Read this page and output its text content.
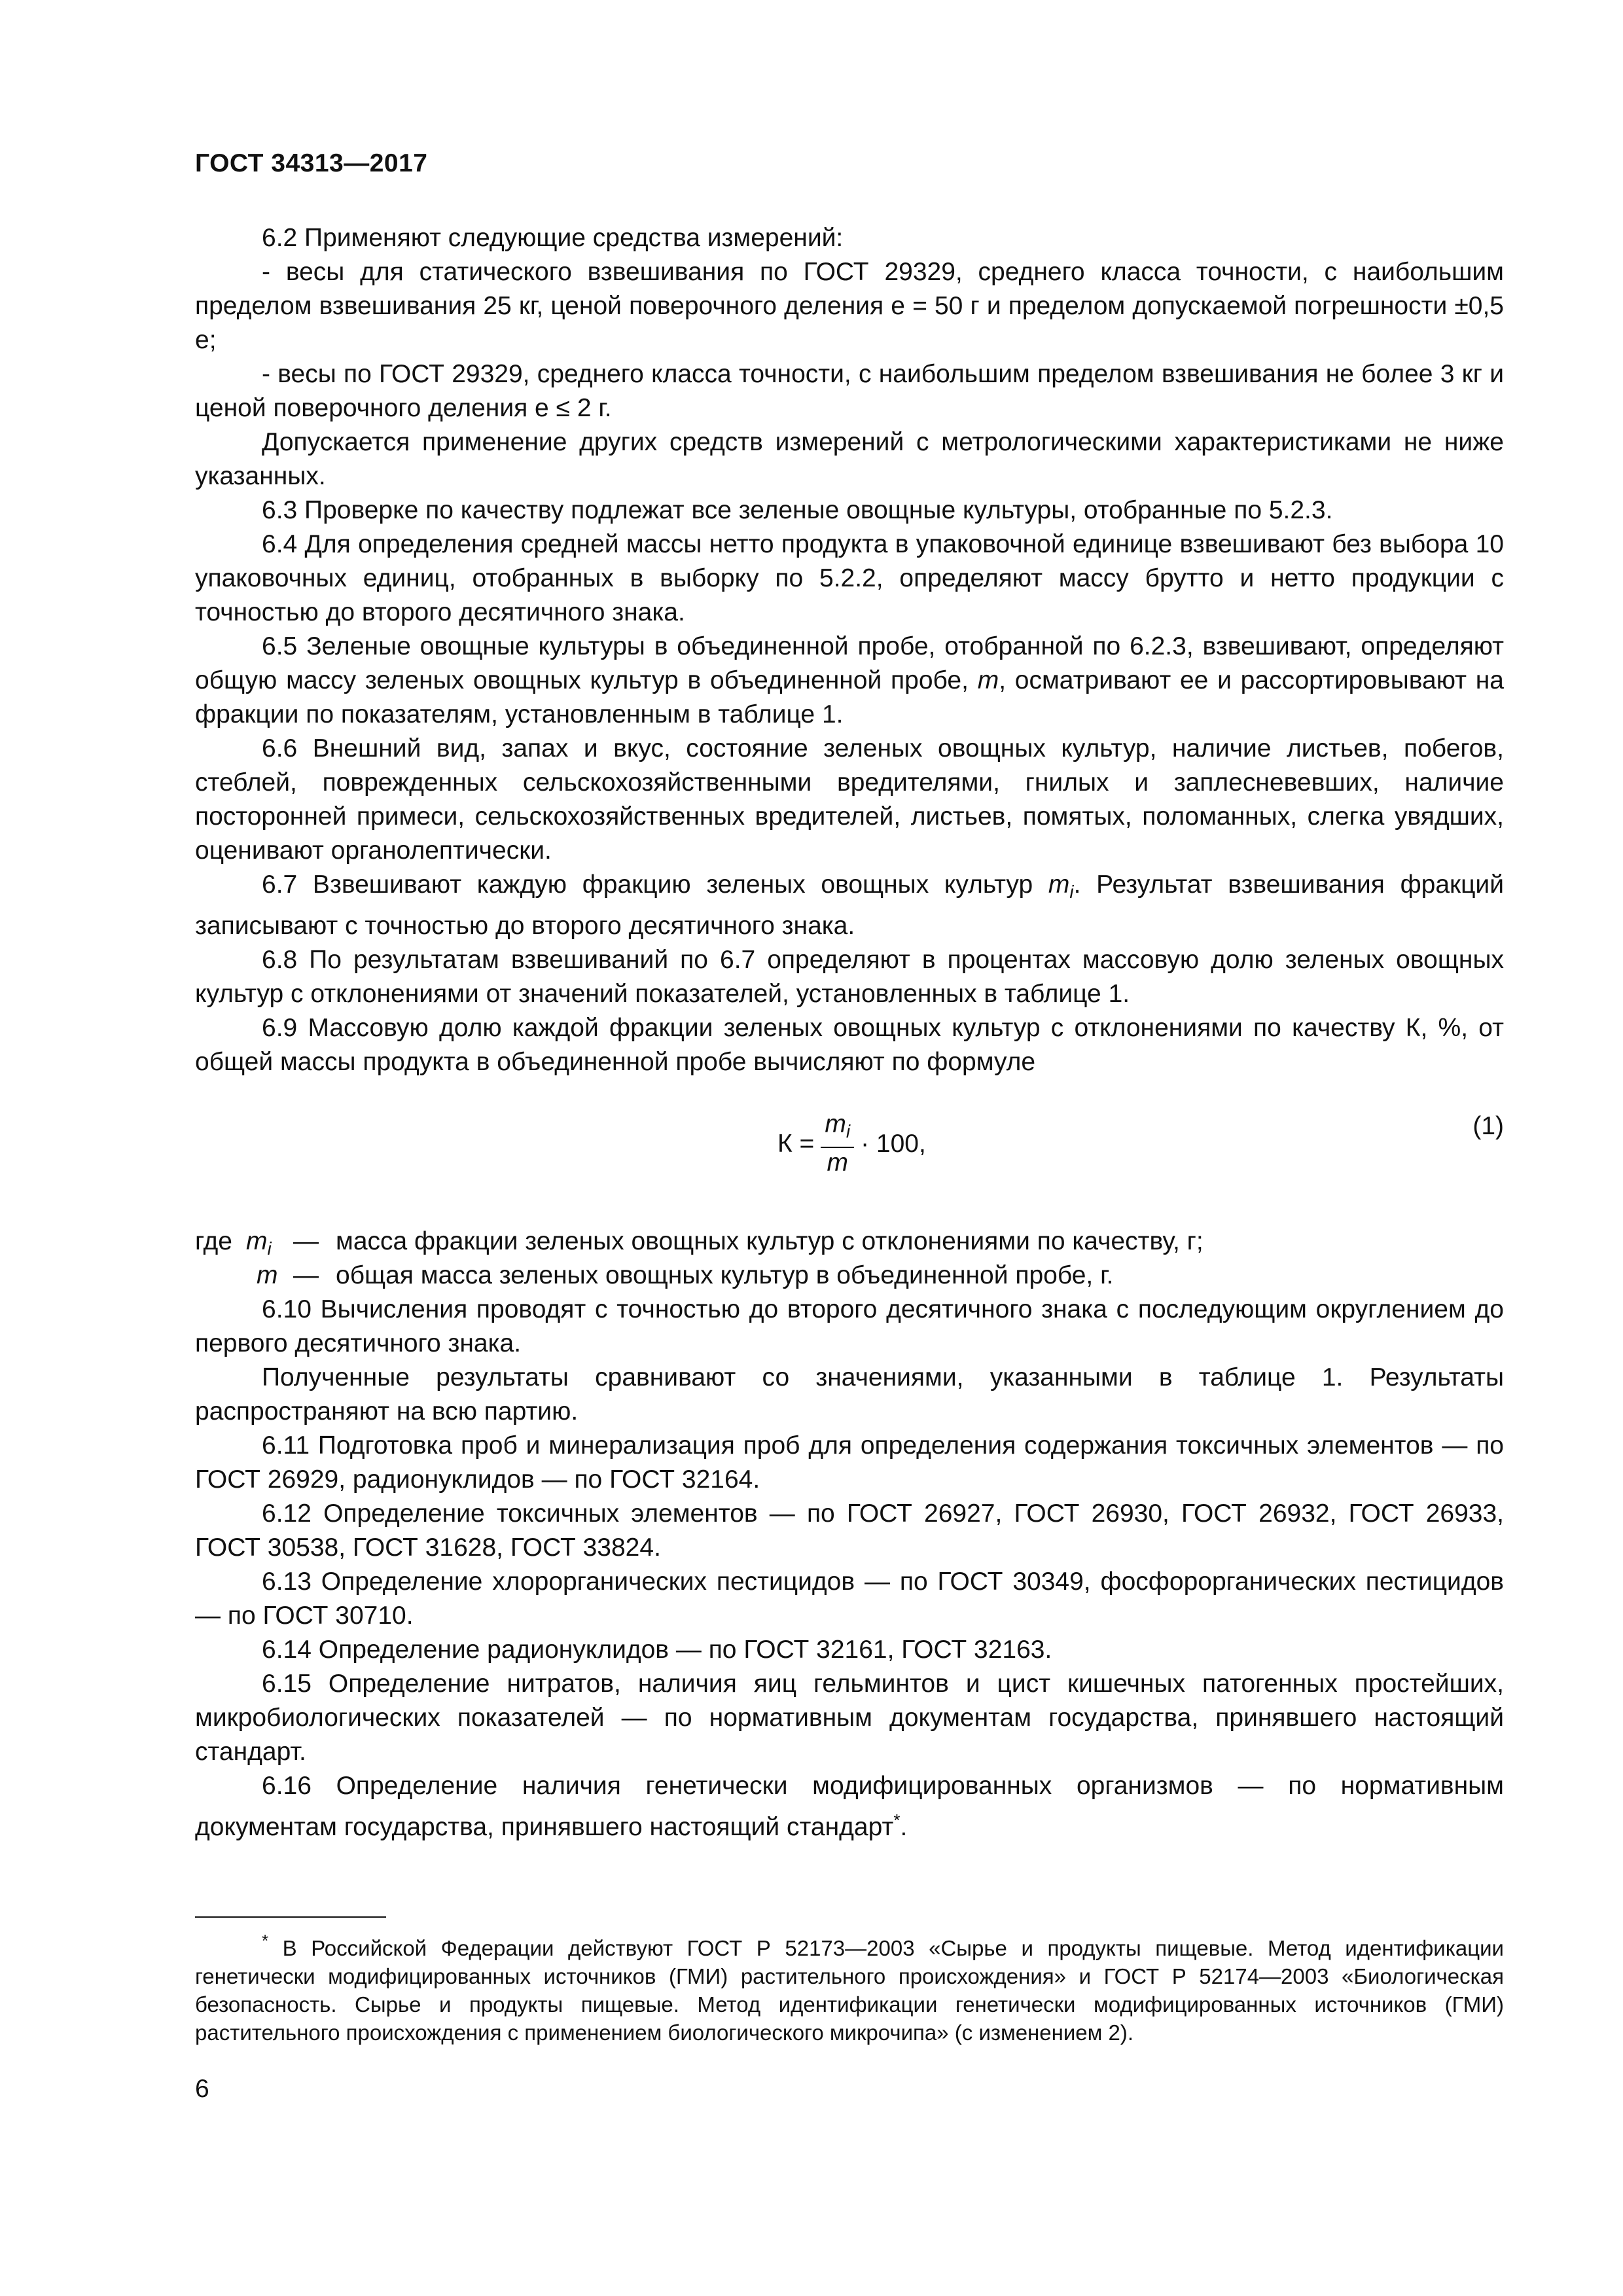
ГОСТ 34313—2017

6.2 Применяют следующие средства измерений:

- весы для статического взвешивания по ГОСТ 29329, среднего класса точности, с наибольшим пределом взвешивания 25 кг, ценой поверочного деления e = 50 г и пределом допускаемой погрешности ±0,5 е;

- весы по ГОСТ 29329, среднего класса точности, с наибольшим пределом взвешивания не более 3 кг и ценой поверочного деления е ≤ 2 г.

Допускается применение других средств измерений с метрологическими характеристиками не ниже указанных.

6.3 Проверке по качеству подлежат все зеленые овощные культуры, отобранные по 5.2.3.

6.4 Для определения средней массы нетто продукта в упаковочной единице взвешивают без выбора 10 упаковочных единиц, отобранных в выборку по 5.2.2, определяют массу брутто и нетто продукции с точностью до второго десятичного знака.

6.5 Зеленые овощные культуры в объединенной пробе, отобранной по 6.2.3, взвешивают, определяют общую массу зеленых овощных культур в объединенной пробе, m, осматривают ее и рассортировывают на фракции по показателям, установленным в таблице 1.

6.6 Внешний вид, запах и вкус, состояние зеленых овощных культур, наличие листьев, побегов, стеблей, поврежденных сельскохозяйственными вредителями, гнилых и заплесневевших, наличие посторонней примеси, сельскохозяйственных вредителей, листьев, помятых, поломанных, слегка увядших, оценивают органолептически.

6.7 Взвешивают каждую фракцию зеленых овощных культур $m_i$. Результат взвешивания фракций записывают с точностью до второго десятичного знака.

6.8 По результатам взвешиваний по 6.7 определяют в процентах массовую долю зеленых овощных культур с отклонениями от значений показателей, установленных в таблице 1.

6.9 Массовую долю каждой фракции зеленых овощных культур с отклонениями по качеству К, %, от общей массы продукта в объединенной пробе вычисляют по формуле

$К = \frac{m_i}{m} \cdot 100$,
(1)
где $m_i$ — масса фракции зеленых овощных культур с отклонениями по качеству, г;
m — общая масса зеленых овощных культур в объединенной пробе, г.

6.10 Вычисления проводят с точностью до второго десятичного знака с последующим округлением до первого десятичного знака.

Полученные результаты сравнивают со значениями, указанными в таблице 1. Результаты распространяют на всю партию.

6.11 Подготовка проб и минерализация проб для определения содержания токсичных элементов — по ГОСТ 26929, радионуклидов — по ГОСТ 32164.

6.12 Определение токсичных элементов — по ГОСТ 26927, ГОСТ 26930, ГОСТ 26932, ГОСТ 26933, ГОСТ 30538, ГОСТ 31628, ГОСТ 33824.

6.13 Определение хлорорганических пестицидов — по ГОСТ 30349, фосфорорганических пестицидов — по ГОСТ 30710.

6.14 Определение радионуклидов — по ГОСТ 32161, ГОСТ 32163.

6.15 Определение нитратов, наличия яиц гельминтов и цист кишечных патогенных простейших, микробиологических показателей — по нормативным документам государства, принявшего настоящий стандарт.

6.16 Определение наличия генетически модифицированных организмов — по нормативным документам государства, принявшего настоящий стандарт*.

* В Российской Федерации действуют ГОСТ Р 52173—2003 «Сырье и продукты пищевые. Метод идентификации генетически модифицированных источников (ГМИ) растительного происхождения» и ГОСТ Р 52174—2003 «Биологическая безопасность. Сырье и продукты пищевые. Метод идентификации генетически модифицированных источников (ГМИ) растительного происхождения с применением биологического микрочипа» (с изменением 2).

6
